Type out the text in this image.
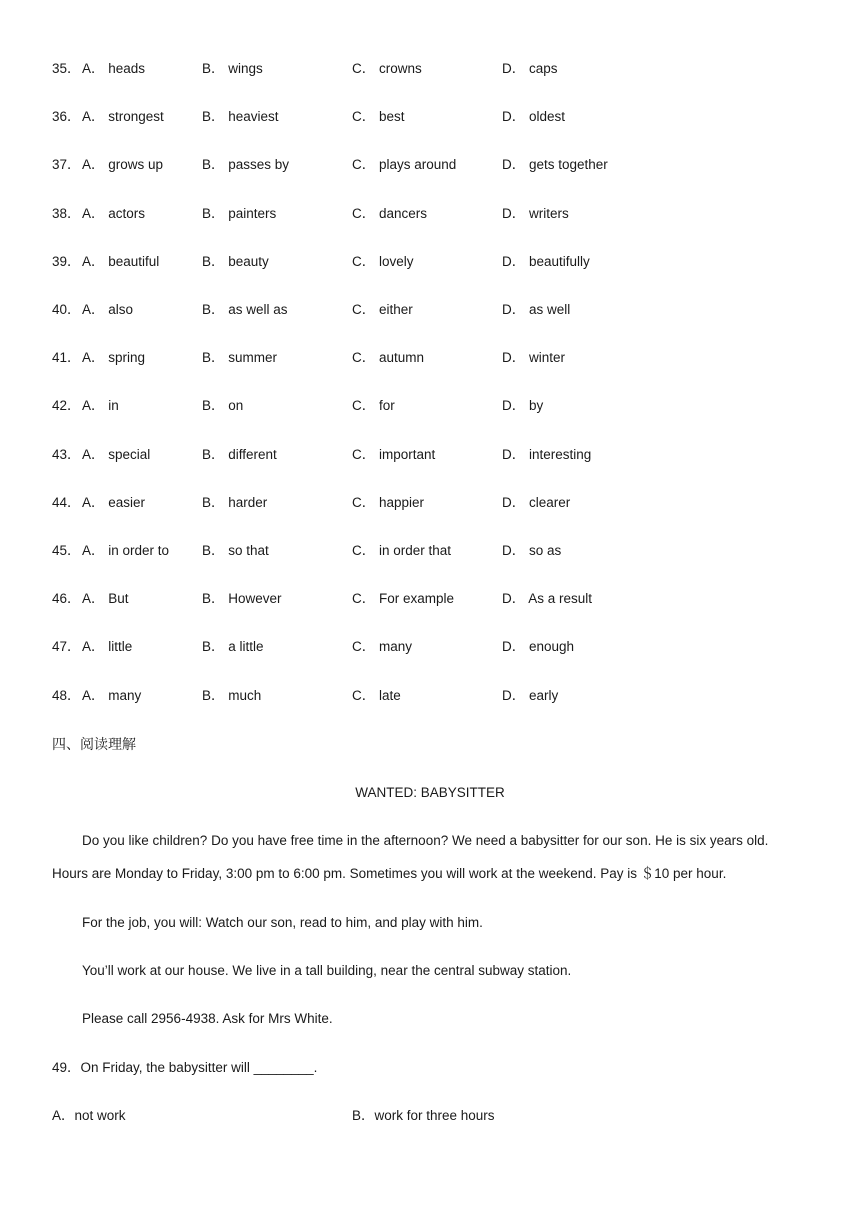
35． A． heads	B． wings	C． crowns	D． caps
36． A． strongest	B． heaviest	C． best	D． oldest
37． A． grows up	B． passes by	C． plays around	D． gets together
38． A． actors	B． painters	C． dancers	D． writers
39． A． beautiful	B． beauty	C． lovely	D． beautifully
40． A． also	B． as well as	C． either	D． as well
41． A． spring	B． summer	C． autumn	D． winter
42． A． in	B． on	C． for	D． by
43． A． special	B． different	C． important	D． interesting
44． A． easier	B． harder	C． happier	D． clearer
45． A． in order to B． so that	C． in order that	D． so as
46． A． But	B． However	C． For example	D． As a result
47． A． little	B． a little	C． many	D． enough
48． A． many	B． much	C． late	D． early
四、阅读理解
WANTED: BABYSITTER
Do you like children? Do you have free time in the afternoon? We need a babysitter for our son. He is six years old.
Hours are Monday to Friday, 3:00 pm to 6:00 pm. Sometimes you will work at the weekend. Pay is ＄10 per hour.
For the job, you will: Watch our son, read to him, and play with him.
You’ll work at our house. We live in a tall building, near the central subway station.
Please call 2956-4938. Ask for Mrs White.
49．On Friday, the babysitter will ________.
A．not work	B．work for three hours
